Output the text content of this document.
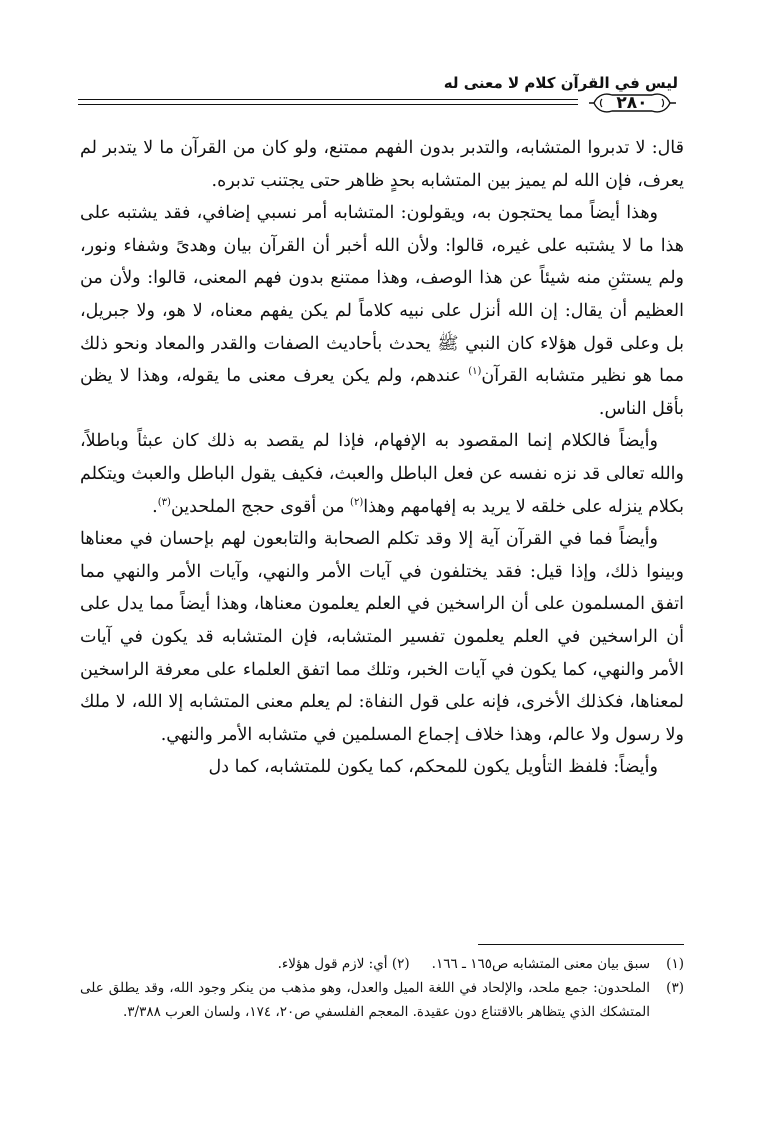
ليس في القرآن كلام لا معنى له
٢٨٠

قال: لا تدبروا المتشابه، والتدبر بدون الفهم ممتنع، ولو كان من القرآن ما لا يتدبر لم يعرف، فإن الله لم يميز بين المتشابه بحدٍ ظاهر حتى يجتنب تدبره.

وهذا أيضاً مما يحتجون به، ويقولون: المتشابه أمر نسبي إضافي، فقد يشتبه على هذا ما لا يشتبه على غيره، قالوا: ولأن الله أخبر أن القرآن بيان وهدىً وشفاء ونور، ولم يستثنِ منه شيئاً عن هذا الوصف، وهذا ممتنع بدون فهم المعنى، قالوا: ولأن من العظيم أن يقال: إن الله أنزل على نبيه كلاماً لم يكن يفهم معناه، لا هو، ولا جبريل، بل وعلى قول هؤلاء كان النبي ﷺ يحدث بأحاديث الصفات والقدر والمعاد ونحو ذلك مما هو نظير متشابه القرآن$^{(١)}$ عندهم، ولم يكن يعرف معنى ما يقوله، وهذا لا يظن بأقل الناس.

وأيضاً فالكلام إنما المقصود به الإفهام، فإذا لم يقصد به ذلك كان عبثاً وباطلاً، والله تعالى قد نزه نفسه عن فعل الباطل والعبث، فكيف يقول الباطل والعبث ويتكلم بكلام ينزله على خلقه لا يريد به إفهامهم وهذا$^{(٢)}$ من أقوى حجج الملحدين$^{(٣)}$.

وأيضاً فما في القرآن آية إلا وقد تكلم الصحابة والتابعون لهم بإحسان في معناها وبينوا ذلك، وإذا قيل: فقد يختلفون في آيات الأمر والنهي، وآيات الأمر والنهي مما اتفق المسلمون على أن الراسخين في العلم يعلمون معناها، وهذا أيضاً مما يدل على أن الراسخين في العلم يعلمون تفسير المتشابه، فإن المتشابه قد يكون في آيات الأمر والنهي، كما يكون في آيات الخبر، وتلك مما اتفق العلماء على معرفة الراسخين لمعناها، فكذلك الأخرى، فإنه على قول النفاة: لم يعلم معنى المتشابه إلا الله، لا ملك ولا رسول ولا عالم، وهذا خلاف إجماع المسلمين في متشابه الأمر والنهي.

وأيضاً: فلفظ التأويل يكون للمحكم، كما يكون للمتشابه، كما دل

(١)
سبق بيان معنى المتشابه ص١٦٥ ـ ١٦٦.(٢) أي: لازم قول هؤلاء.
(٣)
الملحدون: جمع ملحد، والإلحاد في اللغة الميل والعدل، وهو مذهب من ينكر وجود الله، وقد يطلق على المتشكك الذي يتظاهر بالاقتناع دون عقيدة. المعجم الفلسفي ص٢٠، ١٧٤، ولسان العرب ٣/٣٨٨.
